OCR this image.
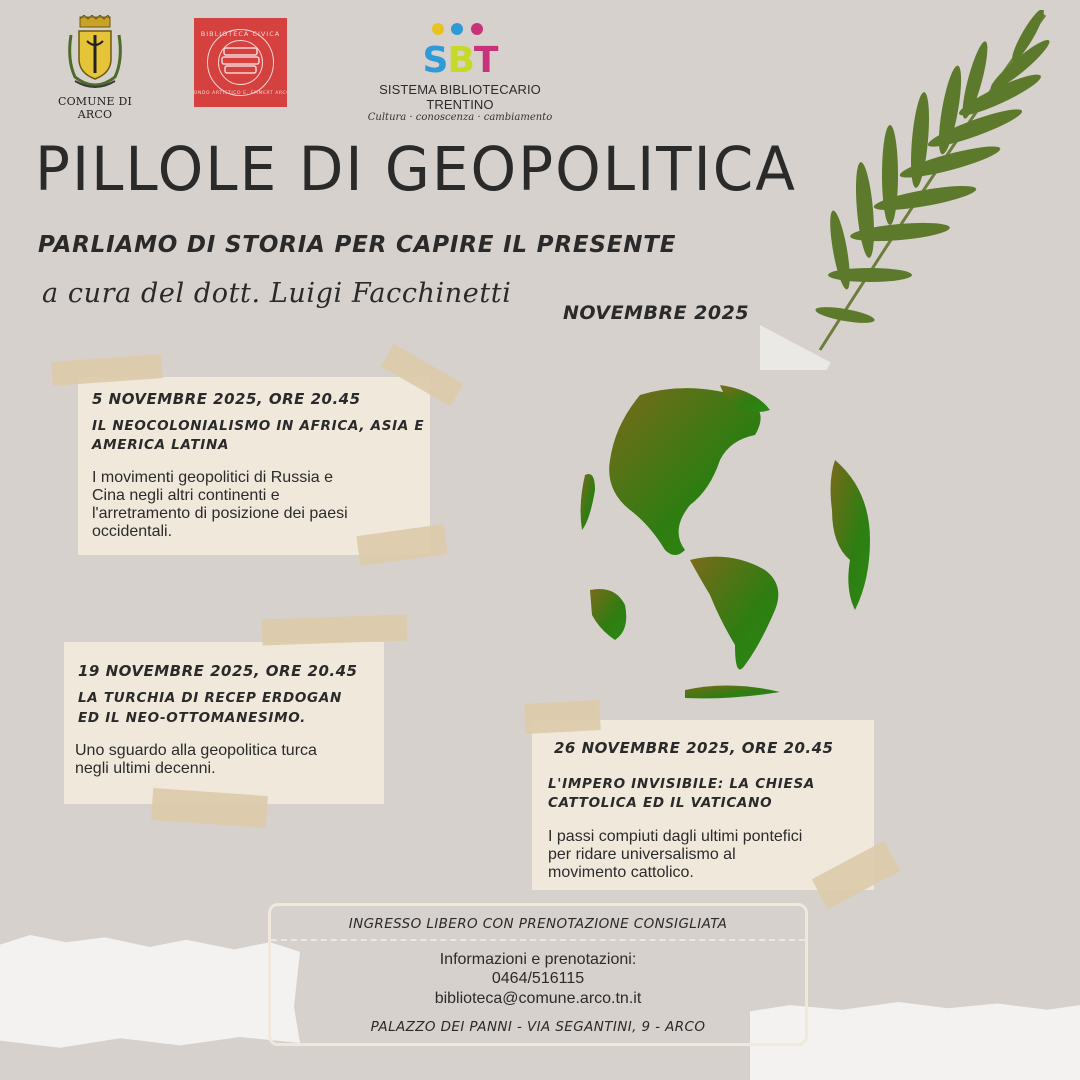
COMUNE DI ARCO
BIBLIOTECA CIVICA
FONDO ARTISTICO E. EMMERT ARCO
SBT
SISTEMA BIBLIOTECARIO TRENTINO
Cultura · conoscenza · cambiamento
PILLOLE DI GEOPOLITICA
PARLIAMO DI STORIA PER CAPIRE IL PRESENTE
a cura del dott. Luigi Facchinetti
NOVEMBRE 2025
5 NOVEMBRE 2025, ORE 20.45
IL NEOCOLONIALISMO IN AFRICA, ASIA E
AMERICA LATINA
I movimenti geopolitici di Russia e
Cina negli altri continenti e
l'arretramento di posizione dei paesi
occidentali.
19 NOVEMBRE 2025, ORE 20.45
LA TURCHIA DI RECEP ERDOGAN
ED IL NEO-OTTOMANESIMO.
Uno sguardo alla geopolitica turca
negli ultimi decenni.
26 NOVEMBRE 2025, ORE 20.45
L'IMPERO INVISIBILE: LA CHIESA
CATTOLICA ED IL VATICANO
I passi compiuti dagli ultimi pontefici
per ridare universalismo al
movimento cattolico.
INGRESSO LIBERO CON PRENOTAZIONE CONSIGLIATA
Informazioni e prenotazioni:
0464/516115
biblioteca@comune.arco.tn.it
PALAZZO DEI PANNI - VIA SEGANTINI, 9 - ARCO
